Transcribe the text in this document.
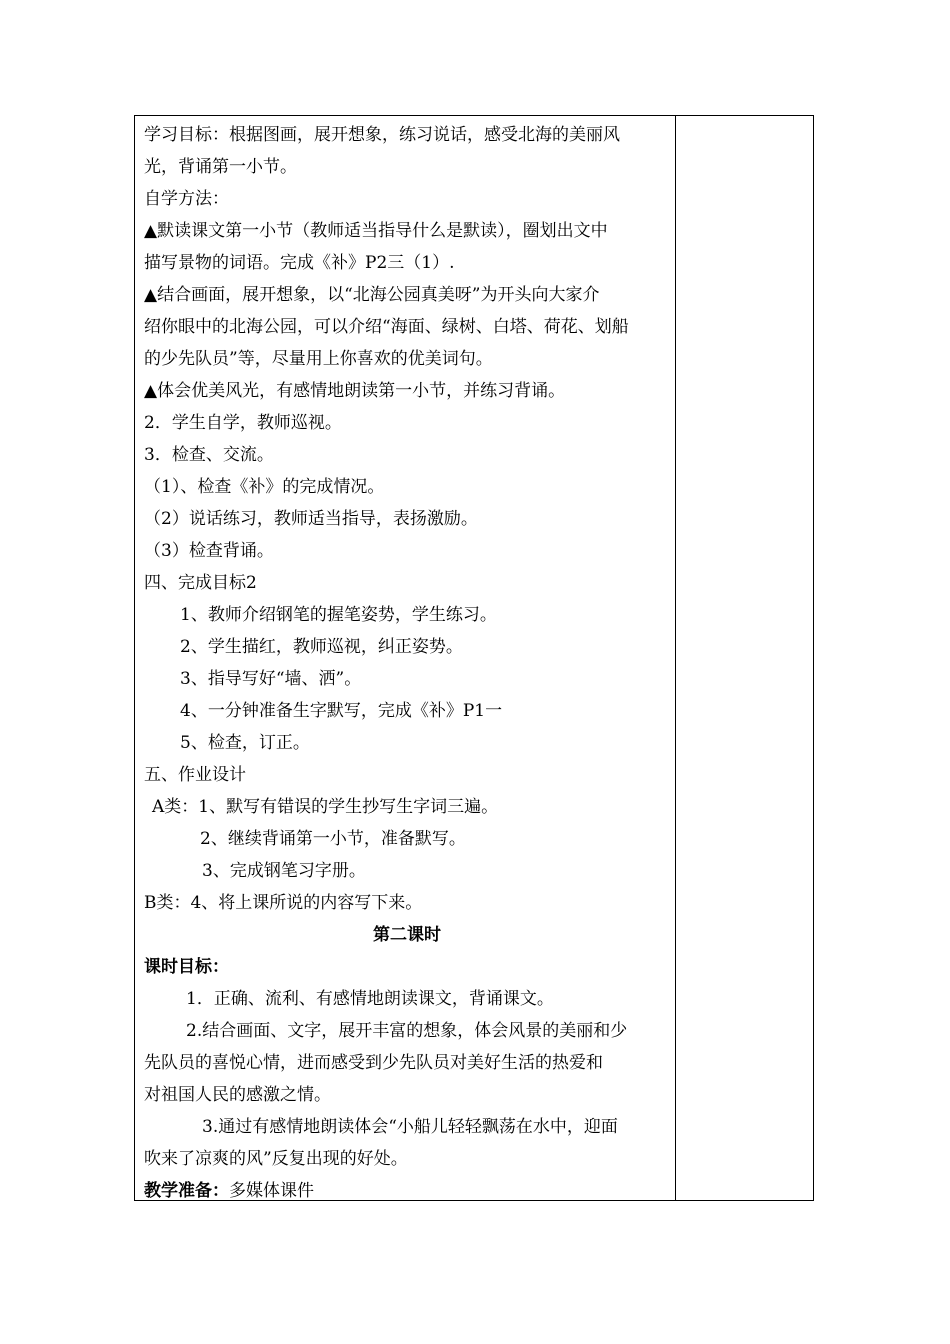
学习目标：根据图画，展开想象，练习说话，感受北海的美丽风
光，背诵第一小节。
自学方法：
▲默读课文第一小节（教师适当指导什么是默读），圈划出文中
描写景物的词语。完成《补》P2三（1）.
▲结合画面，展开想象，以“北海公园真美呀”为开头向大家介
绍你眼中的北海公园，可以介绍“海面、绿树、白塔、荷花、划船
的少先队员”等，尽量用上你喜欢的优美词句。
▲体会优美风光，有感情地朗读第一小节，并练习背诵。
2．学生自学，教师巡视。
3．检查、交流。
（1）、检查《补》的完成情况。
（2）说话练习，教师适当指导，表扬激励。
（3）检查背诵。
四、完成目标2
1、教师介绍钢笔的握笔姿势，学生练习。
2、学生描红，教师巡视，纠正姿势。
3、指导写好“墙、洒”。
4、一分钟准备生字默写，完成《补》P1一
5、检查，订正。
五、作业设计
A类：1、默写有错误的学生抄写生字词三遍。
2、继续背诵第一小节，准备默写。
3、完成钢笔习字册。
B类：4、将上课所说的内容写下来。
第二课时
课时目标：
1．正确、流利、有感情地朗读课文，背诵课文。
2.结合画面、文字，展开丰富的想象，体会风景的美丽和少
先队员的喜悦心情，进而感受到少先队员对美好生活的热爱和
对祖国人民的感激之情。
3.通过有感情地朗读体会“小船儿轻轻飘荡在水中，迎面
吹来了凉爽的风”反复出现的好处。
教学准备：多媒体课件
